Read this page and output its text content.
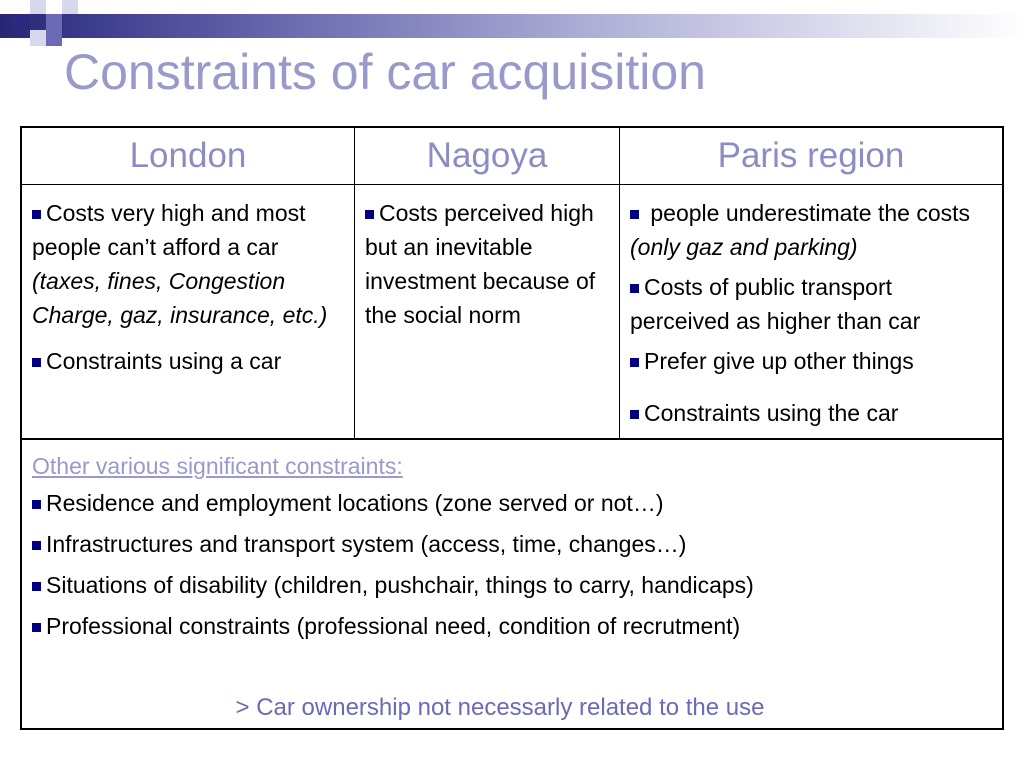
Constraints of car acquisition
London	Nagoya	Paris region

Costs very high and most people can’t afford a car (taxes, fines, Congestion Charge, gaz, insurance, etc.)

Constraints using a car

Costs perceived high but an inevitable investment because of the social norm

people underestimate the costs (only gaz and parking)

Costs of public transport perceived as higher than car

Prefer give up other things

Constraints using the car

Other various significant constraints:
Residence and employment locations (zone served or not…)
Infrastructures and transport system (access, time, changes…)
Situations of disability (children, pushchair, things to carry, handicaps)
Professional constraints (professional need, condition of recrutment)
> Car ownership not necessarly related to the use
